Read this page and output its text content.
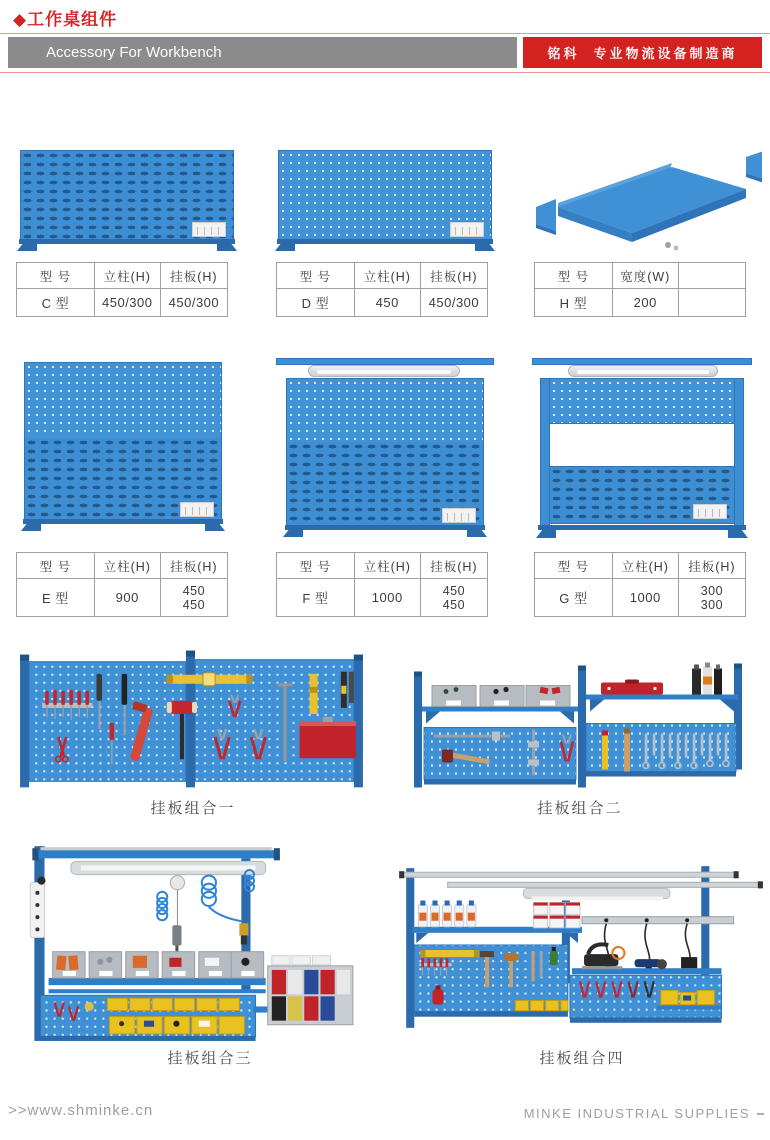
◆工作桌组件
Accessory For Workbench	铭科 专业物流设备制造商
型 号	立柱(H)	挂板(H)
C 型	450/300	450/300
型 号	立柱(H)	挂板(H)
D 型	450	450/300
型 号	宽度(W)
H 型	200
型 号	立柱(H)	挂板(H)
E 型	900	450
450
型 号	立柱(H)	挂板(H)
F 型	1000	450
450
型 号	立柱(H)	挂板(H)
G 型	1000	300
300
挂板组合一	挂板组合二
挂板组合三	挂板组合四
>>www.shminke.cn	MINKE INDUSTRIAL SUPPLIES
